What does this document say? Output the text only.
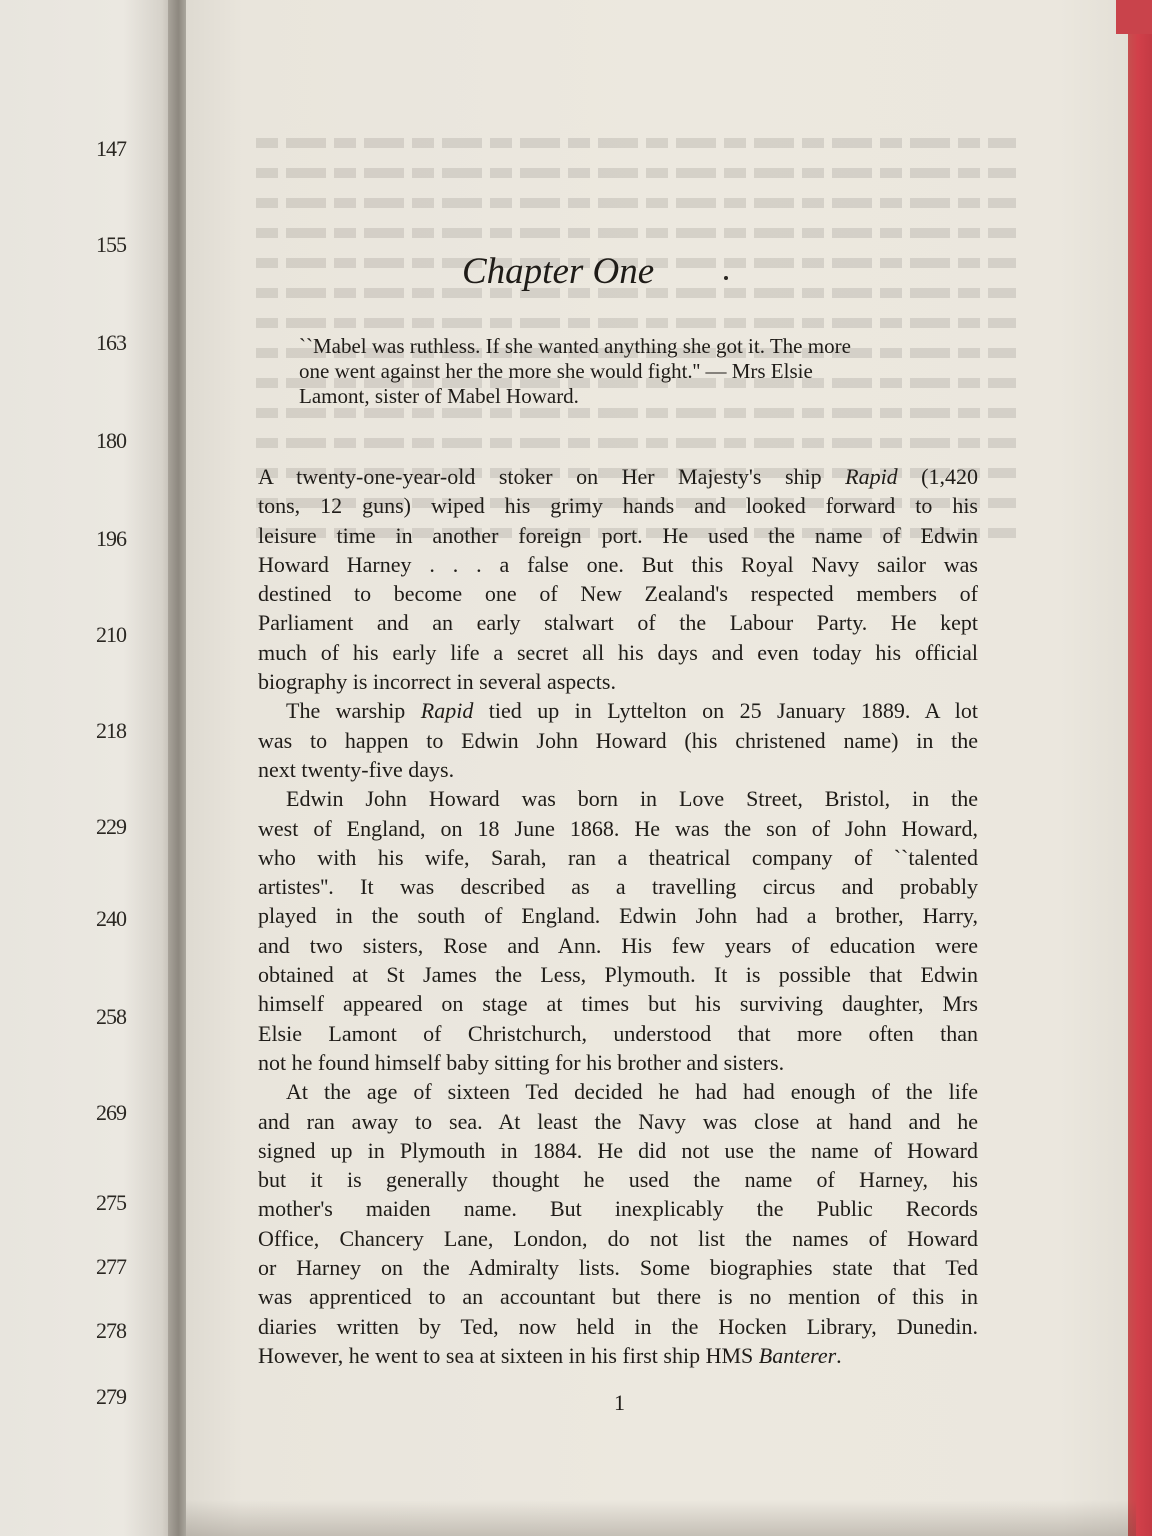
147
155
163
180
196
210
218
229
240
258
269
275
277
278
279
Chapter One

``Mabel was ruthless. If she wanted anything she got it. The more
one went against her the more she would fight.'' — Mrs Elsie
Lamont, sister of Mabel Howard.

A twenty-one-year-old stoker on Her Majesty's ship Rapid (1,420
tons, 12 guns) wiped his grimy hands and looked forward to his
leisure time in another foreign port. He used the name of Edwin
Howard Harney . . . a false one. But this Royal Navy sailor was
destined to become one of New Zealand's respected members of
Parliament and an early stalwart of the Labour Party. He kept
much of his early life a secret all his days and even today his official
biography is incorrect in several aspects.
The warship Rapid tied up in Lyttelton on 25 January 1889. A lot
was to happen to Edwin John Howard (his christened name) in the
next twenty-five days.
Edwin John Howard was born in Love Street, Bristol, in the
west of England, on 18 June 1868. He was the son of John Howard,
who with his wife, Sarah, ran a theatrical company of ``talented
artistes''. It was described as a travelling circus and probably
played in the south of England. Edwin John had a brother, Harry,
and two sisters, Rose and Ann. His few years of education were
obtained at St James the Less, Plymouth. It is possible that Edwin
himself appeared on stage at times but his surviving daughter, Mrs
Elsie Lamont of Christchurch, understood that more often than
not he found himself baby sitting for his brother and sisters.
At the age of sixteen Ted decided he had had enough of the life
and ran away to sea. At least the Navy was close at hand and he
signed up in Plymouth in 1884. He did not use the name of Howard
but it is generally thought he used the name of Harney, his
mother's maiden name. But inexplicably the Public Records
Office, Chancery Lane, London, do not list the names of Howard
or Harney on the Admiralty lists. Some biographies state that Ted
was apprenticed to an accountant but there is no mention of this in
diaries written by Ted, now held in the Hocken Library, Dunedin.
However, he went to sea at sixteen in his first ship HMS Banterer.
1
